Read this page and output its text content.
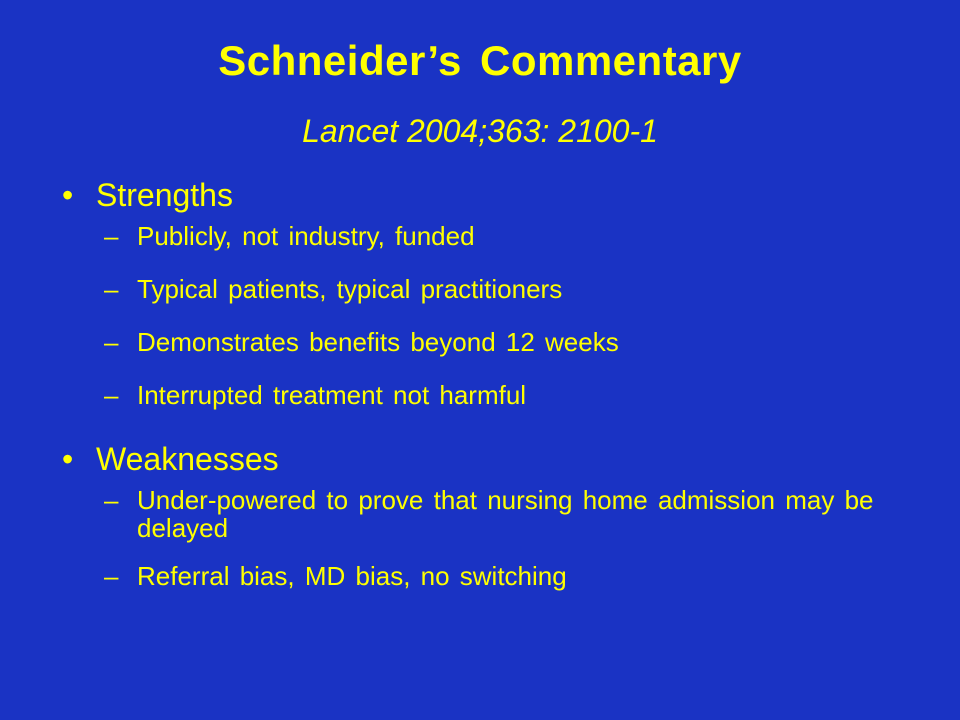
Schneider’s Commentary

Lancet 2004;363: 2100-1

• Strengths
– Publicly, not industry, funded
– Typical patients, typical practitioners
– Demonstrates benefits beyond 12 weeks
– Interrupted treatment not harmful
• Weaknesses
– Under-powered to prove that nursing home admission may be delayed
– Referral bias, MD bias, no switching
